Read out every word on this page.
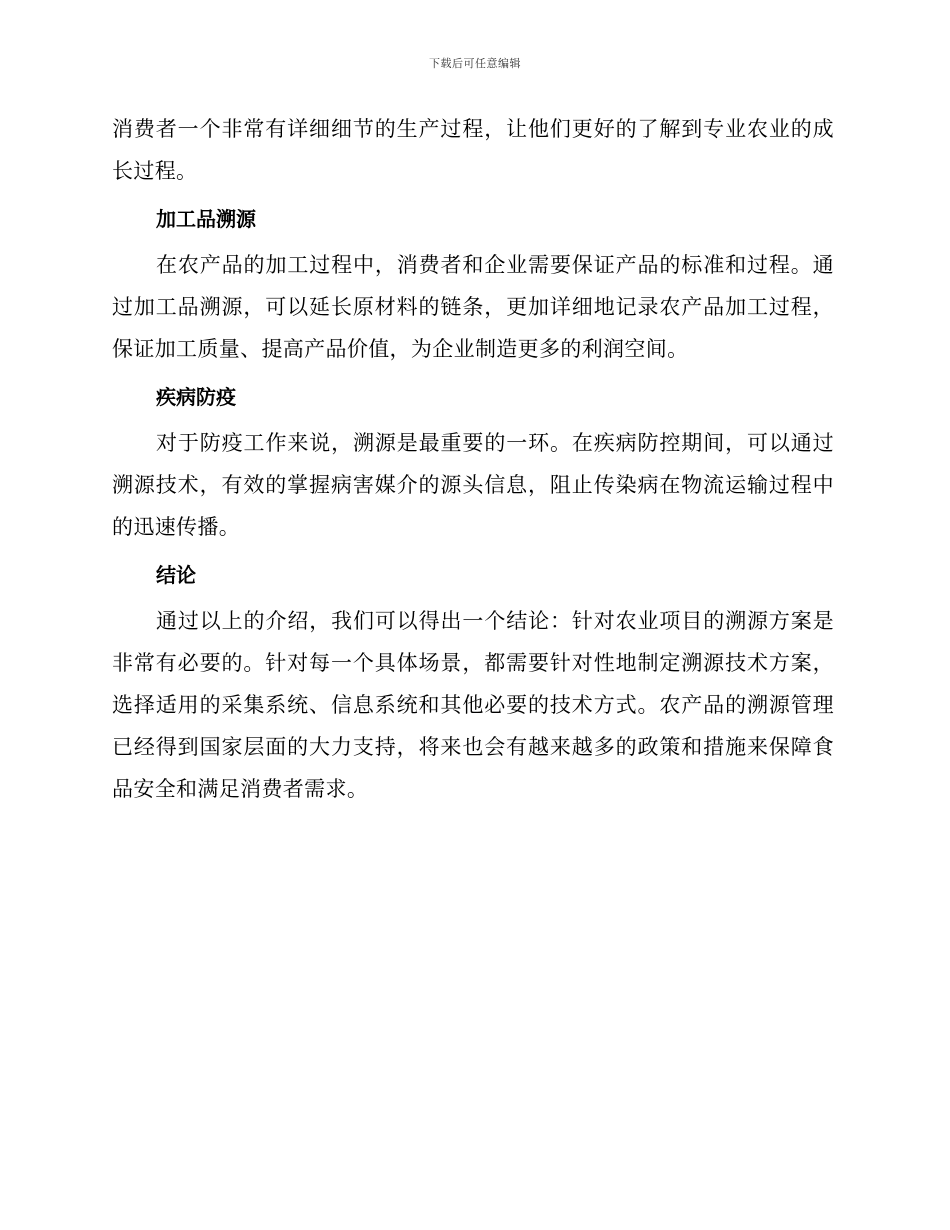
下载后可任意编辑

消费者一个非常有详细细节的生产过程，让他们更好的了解到专业农业的成长过程。

加工品溯源

在农产品的加工过程中，消费者和企业需要保证产品的标准和过程。通过加工品溯源，可以延长原材料的链条，更加详细地记录农产品加工过程，保证加工质量、提高产品价值，为企业制造更多的利润空间。

疾病防疫

对于防疫工作来说，溯源是最重要的一环。在疾病防控期间，可以通过溯源技术，有效的掌握病害媒介的源头信息，阻止传染病在物流运输过程中的迅速传播。

结论

通过以上的介绍，我们可以得出一个结论：针对农业项目的溯源方案是非常有必要的。针对每一个具体场景，都需要针对性地制定溯源技术方案，选择适用的采集系统、信息系统和其他必要的技术方式。农产品的溯源管理已经得到国家层面的大力支持，将来也会有越来越多的政策和措施来保障食品安全和满足消费者需求。
